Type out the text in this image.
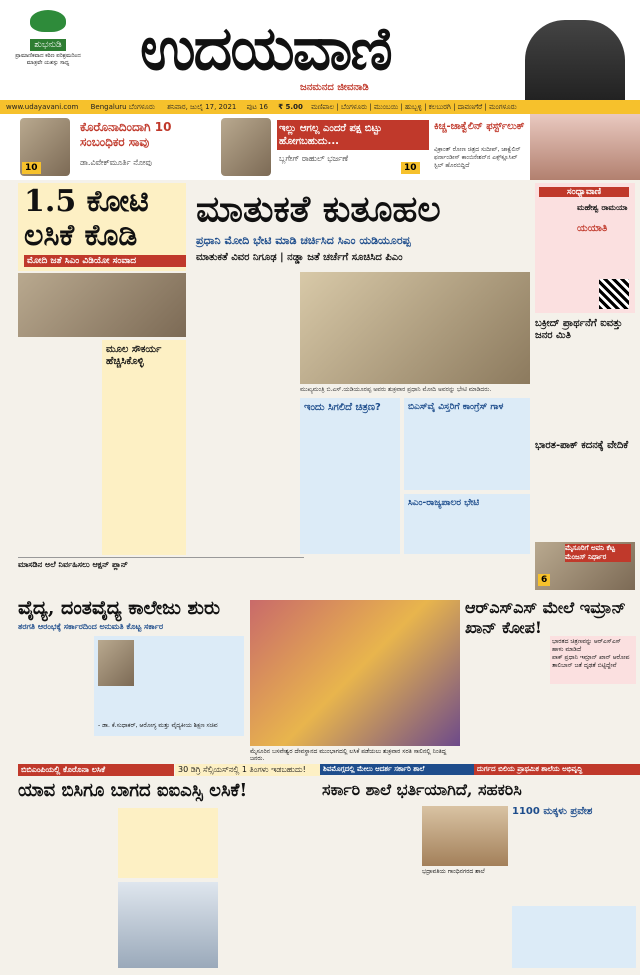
ಶುಭನುಡಿ
ಪ್ರಾಮಾಣಿಕವಾದ ಕಠಿಣ ಪರಿಶ್ರಮದಿಂದ ಮಾತ್ರವೇ ಯಶಸ್ಸು ಸಾಧ್ಯ	ಉದಯವಾಣಿ
ಜನಮನದ ಜೀವನಾಡಿ
www.udayavani.com Bengaluru ಬೆಂಗಳೂರು ಶನಿವಾರ, ಜುಲೈ 17, 2021 ಪುಟ 16 ₹ 5.00 ಮಣಿಪಾಲ | ಬೆಂಗಳೂರು | ಮುಂಬಯಿ | ಹುಬ್ಬಳ್ಳಿ | ಕಲಬುರಗಿ | ದಾವಣಗೆರೆ | ಮಂಗಳೂರು
ಕೊರೊನಾದಿಂದಾಗಿ 10 ಸಂಬಂಧಿಕರ ಸಾವು
ಡಾ.ವಿವೇಕ್‌ಮೂರ್ತಿ ನೋವು
10
ಇಲ್ಲು ಆಗಲ್ಲ ಎಂದರೆ ಪಕ್ಷ ಬಿಟ್ಟು ಹೋಗಬಹುದು...
ಬ್ಲಗೇಗ್ ರಾಹುಲ್ ಭರ್ಜಣೆ
10
ಕಿಚ್ಚ-ಜಾಕ್ವೆಲಿನ್ ಫರ್ಸ್ಟ್‌ಲುಕ್
ವಿಕ್ರಾಂತ್ ರೋಣ ಚಿತ್ರದ ಸುದೀಪ್, ಜಾಕ್ವೆಲಿನ್ ಫರ್ನಾಂಡೀಸ್ ಕಾಂಬಿನೇಶನ್‌ನ ಎಕ್ಸ್‌ಕ್ಲೂಸಿವ್ ಸ್ಟಿಲ್ ಹೊರಬಿದ್ದಿದೆ
1.5 ಕೋಟಿ ಲಸಿಕೆ ಕೊಡಿ
ಮೋದಿ ಜತೆ ಸಿಎಂ ವಿಡಿಯೋ ಸಂವಾದ
ಮೂಲ ಸೌಕರ್ಯ ಹೆಚ್ಚಿಸಿಕೊಳ್ಳಿ
ಮಾತುಕತೆ ಕುತೂಹಲ
ಪ್ರಧಾನಿ ಮೋದಿ ಭೇಟಿ ಮಾಡಿ ಚರ್ಚಿಸಿದ ಸಿಎಂ ಯಡಿಯೂರಪ್ಪ
ಮಾತುಕತೆ ವಿವರ ನಿಗೂಢ | ನಡ್ಡಾ ಜತೆ ಚರ್ಚೆಗೆ ಸೂಚಿಸಿದ ಪಿಎಂ
ಮುಖ್ಯಮಂತ್ರಿ ಬಿ.ಎಸ್.ಯಡಿಯೂರಪ್ಪ ಅವರು ಶುಕ್ರವಾರ ಪ್ರಧಾನಿ ಮೋದಿ ಅವರನ್ನು ಭೇಟಿ ಮಾಡಿದರು.
ಇಂದು ಸಿಗಲಿದೆ ಚಿತ್ರಣ?	ಬಿಎಸ್‌ವೈ ವಿಸ್ತರಿಗೆ ಕಾಂಗ್ರೆಸ್ ಗಾಳ
ಸಿಎಂ-ರಾಜ್ಯಪಾಲರ ಭೇಟಿ
ಮಾಸಡಿನ ಅಲೆ ನಿರ್ವಹಿಸಲು ಆಕ್ಷನ್ ಪ್ಲಾನ್
ಸಂಧ್ಯಾವಾಣಿ
ಮಹೇಶ್ವ ರಾಮಯಾ
ಯಯಾತಿ
ಬಕ್ರೀದ್ ಪ್ರಾರ್ಥನೆಗೆ ಐವತ್ತು ಜನರ ಮಿತಿ
ಭಾರತ-ಪಾಕ್ ಕದನಕ್ಕೆ ವೇದಿಕೆ
ಮೈಸೂರಿಗೆ ಅವನಿ ಕೆಟ್ಟ ಮೆಂಜಸ್ ನಿರ್ಧಾರ
6
ವೈದ್ಯ, ದಂತವೈದ್ಯ ಕಾಲೇಜು ಶುರು
ತರಗತಿ ಆರಂಭಕ್ಕೆ ಸರ್ಕಾರದಿಂದ ಅನುಮತಿ ಕೊಟ್ಟ ಸರ್ಕಾರ
- ಡಾ. ಕೆ.ಸುಧಾಕರ್, ಆರೋಗ್ಯ ಮತ್ತು ವೈದ್ಯಕೀಯ ಶಿಕ್ಷಣ ಸಚಿವ
ಮೈಸೂರಿನ ಬಸವೇಶ್ವರ ದೇವಸ್ಥಾನದ ಮುಂಭಾಗದಲ್ಲಿ ಲಸಿಕೆ ಪಡೆಯಲು ಶುಕ್ರವಾರ ಸರತಿ ಸಾಲಿನಲ್ಲಿ ನಿಂತಿದ್ದ ಜನರು.
ಆರ್‌ಎಸ್‌ಎಸ್ ಮೇಲೆ ಇಮ್ರಾನ್ ಖಾನ್ ಕೋಪ!
ಭಾರತದ ಚಿತ್ರಣವನ್ನು ಆರ್‌ಎಸ್‌ಎಸ್ ಹಾಳು ಮಾಡಿದೆ
ಪಾಕ್ ಪ್ರಧಾನಿ ಇಮ್ರಾನ್ ಖಾನ್ ಆರೋಪ
ತಾಲಿಬಾನ್ ಜತೆ ದೃಢತೆ ಬಿಟ್ಟಿದ್ದೇವೆ
ಬಿಬಿಎಂಪಿಯಲ್ಲಿ ಕೊರೊನಾ ಲಸಿಕೆ	30 ಡಿಗ್ರಿ ಸೆಲ್ಸಿಯಸ್‌ನಲ್ಲಿ 1 ತಿಂಗಳು ಇಡಬಹುದು!	ಶಿವಮೊಗ್ಗದಲ್ಲಿ ಮೇಲು ಆದರ್ಶ ಸರ್ಕಾರಿ ಶಾಲೆ	ದುರ್ಗದ ಬಿಲಿಯ ಪ್ರಾಥಮಿಕ ಶಾಲೆಯ ಅಭಿವೃದ್ಧಿ
ಯಾವ ಬಿಸಿಗೂ ಬಾಗದ ಐಐಎಸ್ಸಿ ಲಸಿಕೆ!	ಸರ್ಕಾರಿ ಶಾಲೆ ಭರ್ತಿಯಾಗಿದೆ, ಸಹಕರಿಸಿ
ಭದ್ರಾವತಿಯ ಗಾಂಧಿನಗರದ ಶಾಲೆ
1100 ಮಕ್ಕಳು ಪ್ರವೇಶ
